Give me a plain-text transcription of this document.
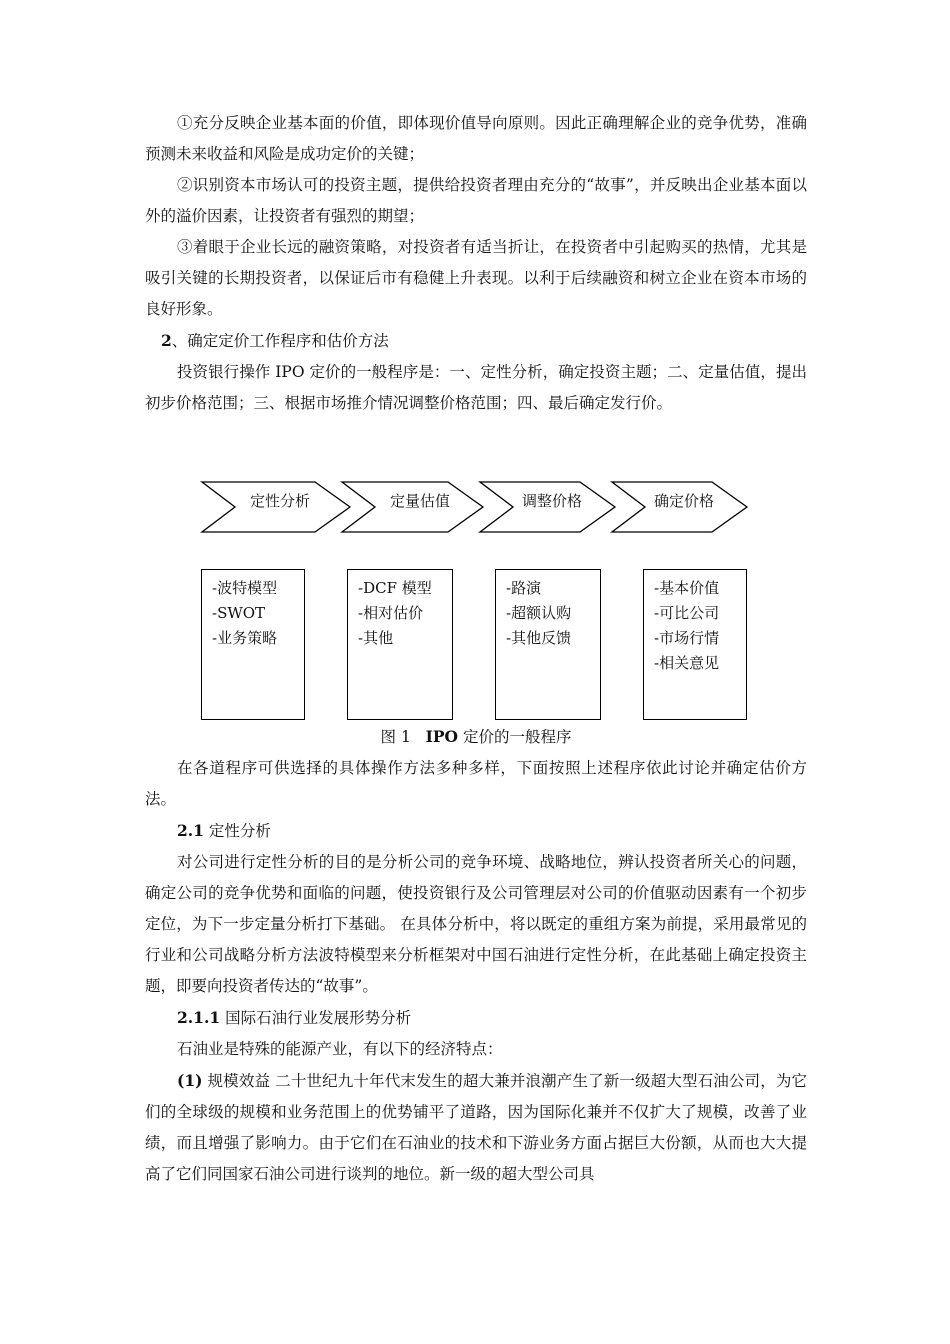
①充分反映企业基本面的价值，即体现价值导向原则。因此正确理解企业的竞争优势，准确预测未来收益和风险是成功定价的关键；

②识别资本市场认可的投资主题，提供给投资者理由充分的“故事”，并反映出企业基本面以外的溢价因素，让投资者有强烈的期望；

③着眼于企业长远的融资策略，对投资者有适当折让，在投资者中引起购买的热情，尤其是吸引关键的长期投资者，以保证后市有稳健上升表现。以利于后续融资和树立企业在资本市场的良好形象。

2、确定定价工作程序和估价方法

投资银行操作 IPO 定价的一般程序是：一、定性分析，确定投资主题；二、定量估值，提出初步价格范围；三、根据市场推介情况调整价格范围；四、最后确定发行价。

定性分析	定量估值	调整价格	确定价格
-波特模型
-SWOT
-业务策略
-DCF 模型
-相对估价
-其他
-路演
-超额认购
-其他反馈
-基本价值
-可比公司
-市场行情
-相关意见
图 1 IPO 定价的一般程序

在各道程序可供选择的具体操作方法多种多样，下面按照上述程序依此讨论并确定估价方法。

2.1 定性分析

对公司进行定性分析的目的是分析公司的竞争环境、战略地位，辨认投资者所关心的问题，确定公司的竞争优势和面临的问题，使投资银行及公司管理层对公司的价值驱动因素有一个初步定位，为下一步定量分析打下基础。 在具体分析中，将以既定的重组方案为前提，采用最常见的行业和公司战略分析方法波特模型来分析框架对中国石油进行定性分析，在此基础上确定投资主题，即要向投资者传达的“故事”。

2.1.1 国际石油行业发展形势分析

石油业是特殊的能源产业，有以下的经济特点：

(1) 规模效益 二十世纪九十年代末发生的超大兼并浪潮产生了新一级超大型石油公司，为它们的全球级的规模和业务范围上的优势铺平了道路，因为国际化兼并不仅扩大了规模，改善了业绩，而且增强了影响力。由于它们在石油业的技术和下游业务方面占据巨大份额，从而也大大提高了它们同国家石油公司进行谈判的地位。新一级的超大型公司具
